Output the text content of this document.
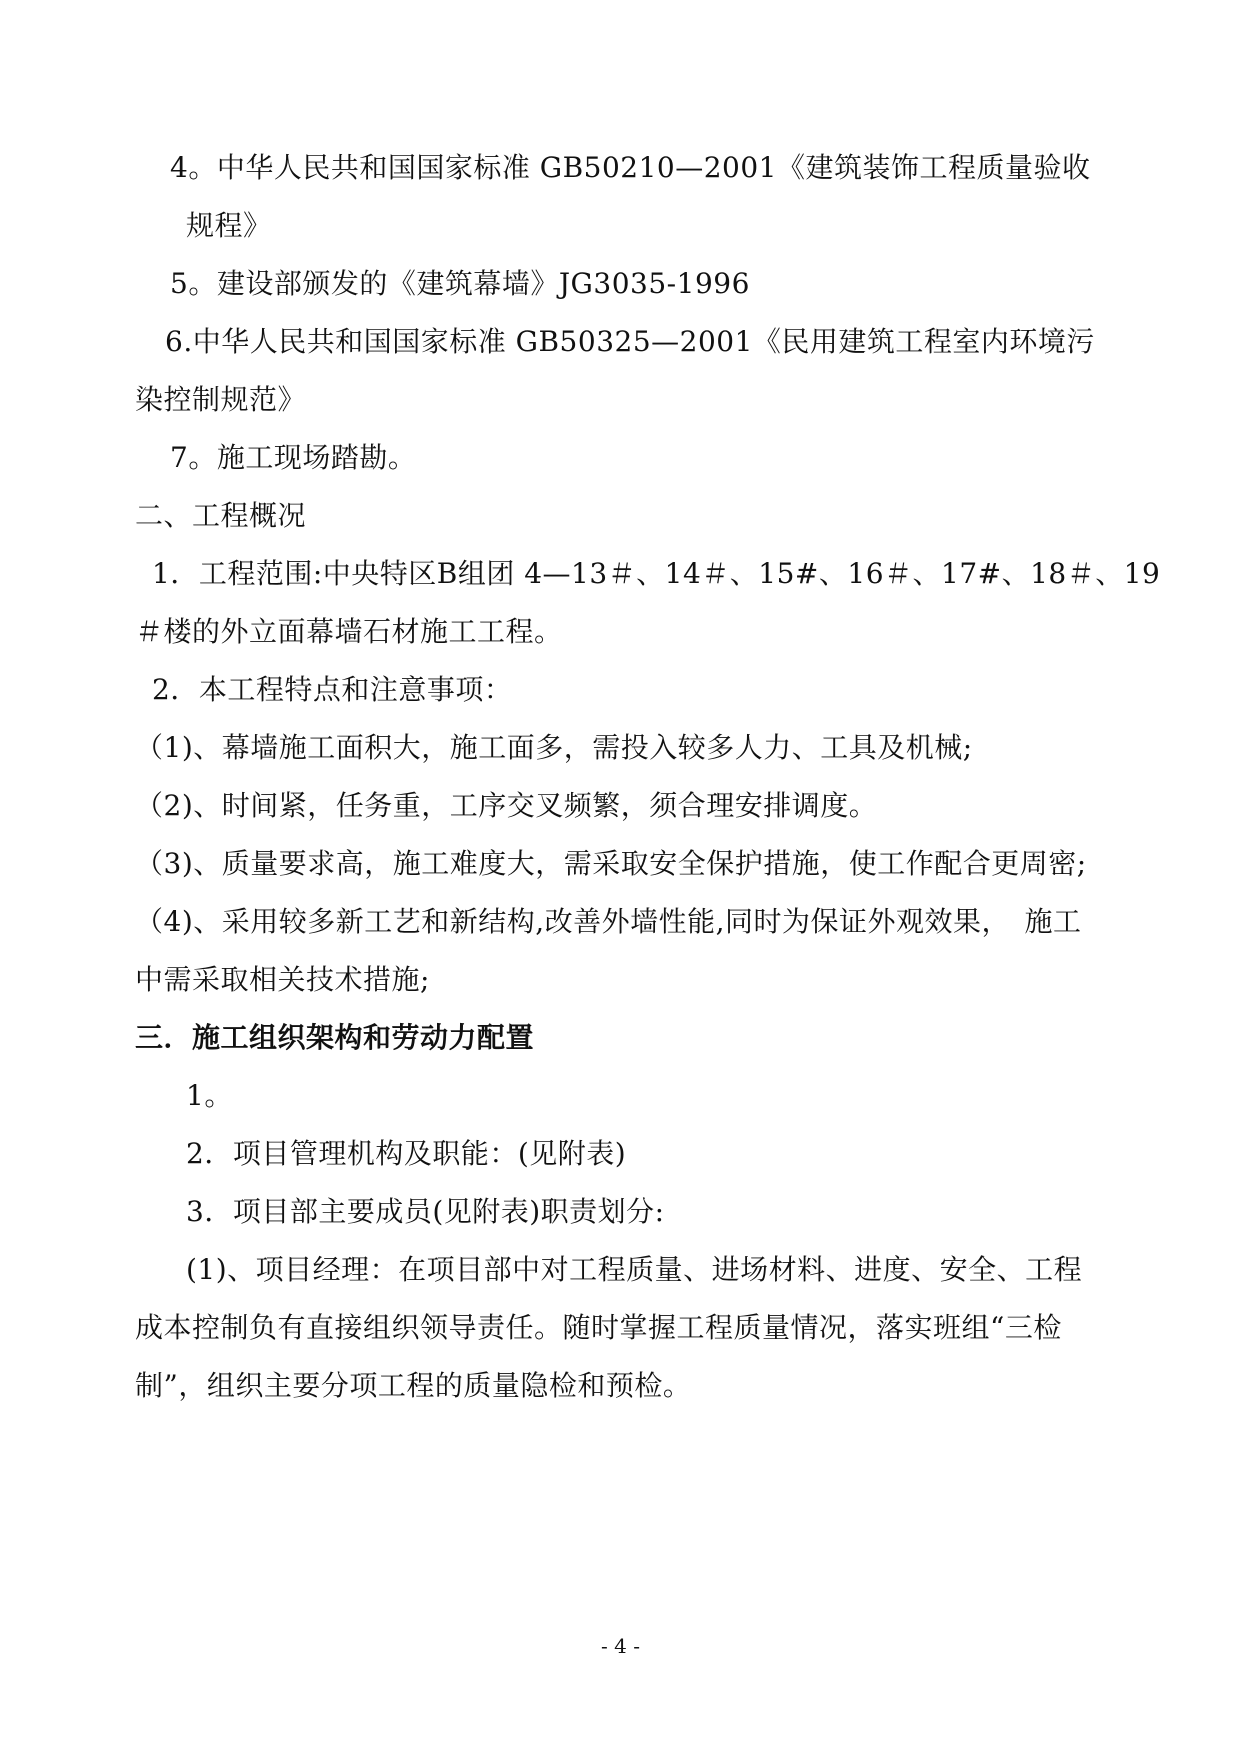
4。中华人民共和国国家标准 GB50210—2001《建筑装饰工程质量验收
规程》
5。建设部颁发的《建筑幕墙》JG3035-1996
6.中华人民共和国国家标准 GB50325—2001《民用建筑工程室内环境污
染控制规范》
7。施工现场踏勘。
二、工程概况
1．工程范围:中央特区B组团 4—13＃、14＃、15#、16＃、17#、18＃、19
＃楼的外立面幕墙石材施工工程。
2．本工程特点和注意事项：
（1)、幕墙施工面积大，施工面多，需投入较多人力、工具及机械;
（2)、时间紧，任务重，工序交叉频繁，须合理安排调度。
（3)、质量要求高，施工难度大，需采取安全保护措施，使工作配合更周密;
（4)、采用较多新工艺和新结构,改善外墙性能,同时为保证外观效果，　施工
中需采取相关技术措施;
三．施工组织架构和劳动力配置
1。
2．项目管理机构及职能：(见附表)
3．项目部主要成员(见附表)职责划分:
(1)、项目经理：在项目部中对工程质量、进场材料、进度、安全、工程
成本控制负有直接组织领导责任。随时掌握工程质量情况，落实班组“三检
制”，组织主要分项工程的质量隐检和预检。
- 4 -
